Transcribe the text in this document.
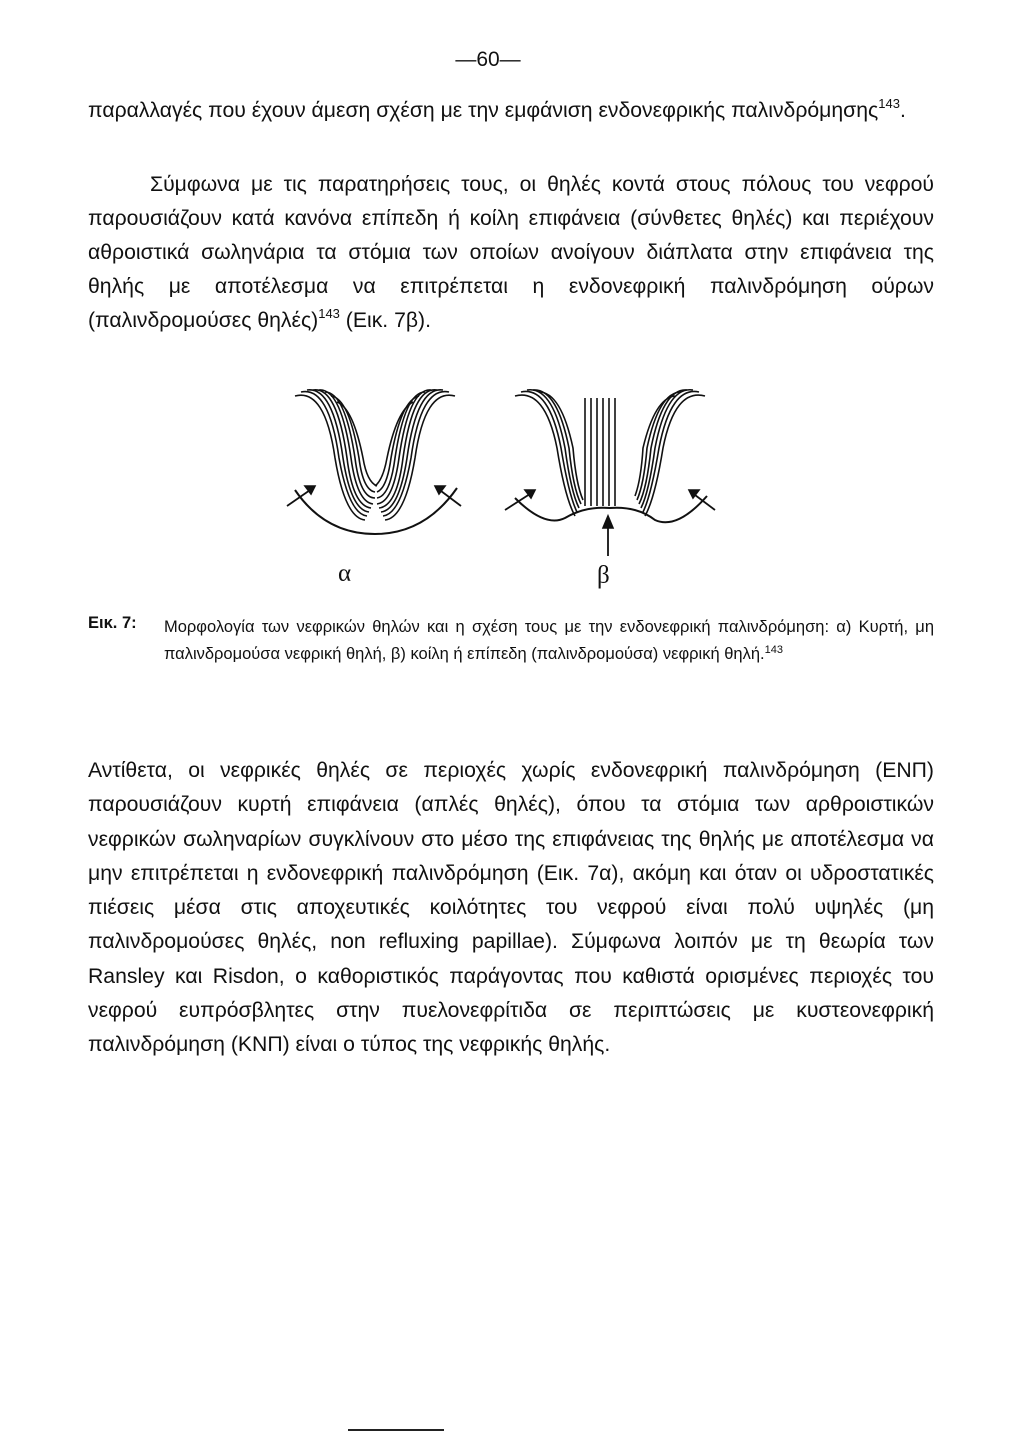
—60—

παραλλαγές που έχουν άμεση σχέση με την εμφάνιση ενδονεφρικής παλινδρόμησης$^{143}$.

Σύμφωνα με τις παρατηρήσεις τους, οι θηλές κοντά στους πόλους του νεφρού παρουσιάζουν κατά κανόνα επίπεδη ή κοίλη επιφάνεια (σύνθετες θηλές) και περιέχουν αθροιστικά σωληνάρια τα στόμια των οποίων ανοίγουν διάπλατα στην επιφάνεια της θηλής με αποτέλεσμα να επιτρέπεται η ενδονεφρική παλινδρόμηση ούρων (παλινδρομούσες θηλές)$^{143}$ (Εικ. 7β).

α	β
Εικ. 7: Μορφολογία των νεφρικών θηλών και η σχέση τους με την ενδονεφρική παλινδρόμηση: α) Κυρτή, μη παλινδρομούσα νεφρική θηλή, β) κοίλη ή επίπεδη (παλινδρομούσα) νεφρική θηλή.$^{143}$

Αντίθετα, οι νεφρικές θηλές σε περιοχές χωρίς ενδονεφρική παλινδρόμηση (ΕΝΠ) παρουσιάζουν κυρτή επιφάνεια (απλές θηλές), όπου τα στόμια των αρθροιστικών νεφρικών σωληναρίων συγκλίνουν στο μέσο της επιφάνειας της θηλής με αποτέλεσμα να μην επιτρέπεται η ενδονεφρική παλινδρόμηση (Εικ. 7α), ακόμη και όταν οι υδροστατικές πιέσεις μέσα στις αποχευτικές κοιλότητες του νεφρού είναι πολύ υψηλές (μη παλινδρομούσες θηλές, non refluxing papillae). Σύμφωνα λοιπόν με τη θεωρία των Ransley και Risdon, ο καθοριστικός παράγοντας που καθιστά ορισμένες περιοχές του νεφρού ευπρόσβλητες στην πυελονεφρίτιδα σε περιπτώσεις με κυστεονεφρική παλινδρόμηση (ΚΝΠ) είναι ο τύπος της νεφρικής θηλής.
